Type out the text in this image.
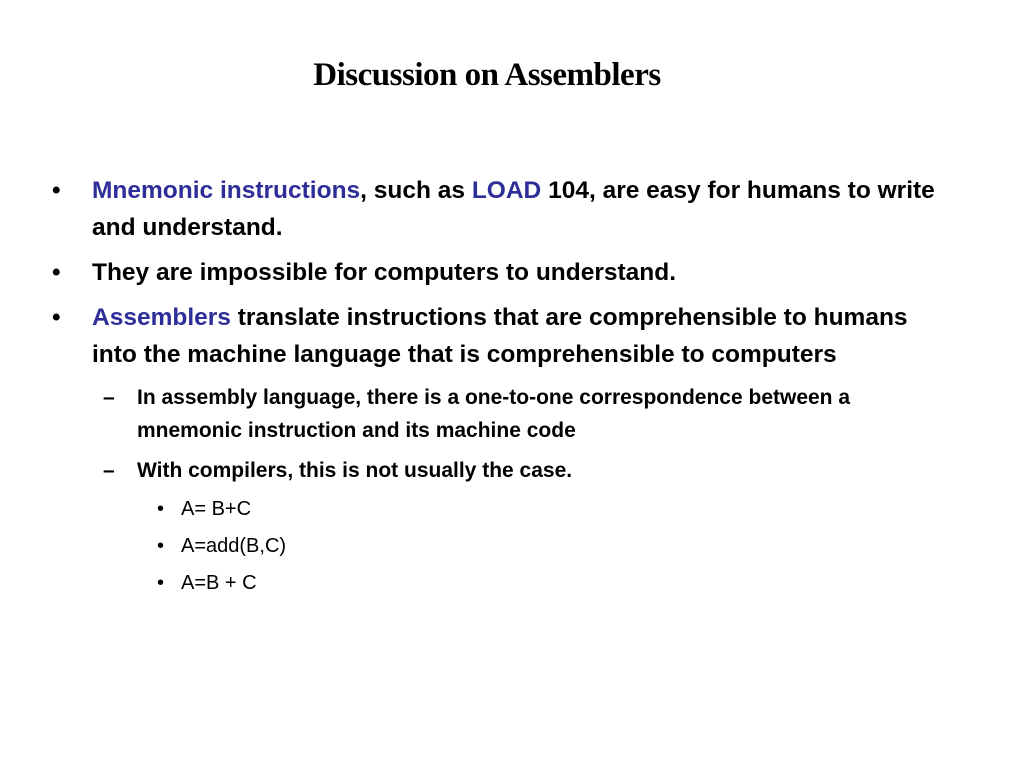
Discussion on Assemblers
• Mnemonic instructions, such as LOAD 104, are easy for humans to write and understand.
• They are impossible for computers to understand.
• Assemblers translate instructions that are comprehensible to humans into the machine language that is comprehensible to computers
– In assembly language, there is a one-to-one correspondence between a mnemonic instruction and its machine code
– With compilers, this is not usually the case.
• A= B+C
• A=add(B,C)
• A=B + C
